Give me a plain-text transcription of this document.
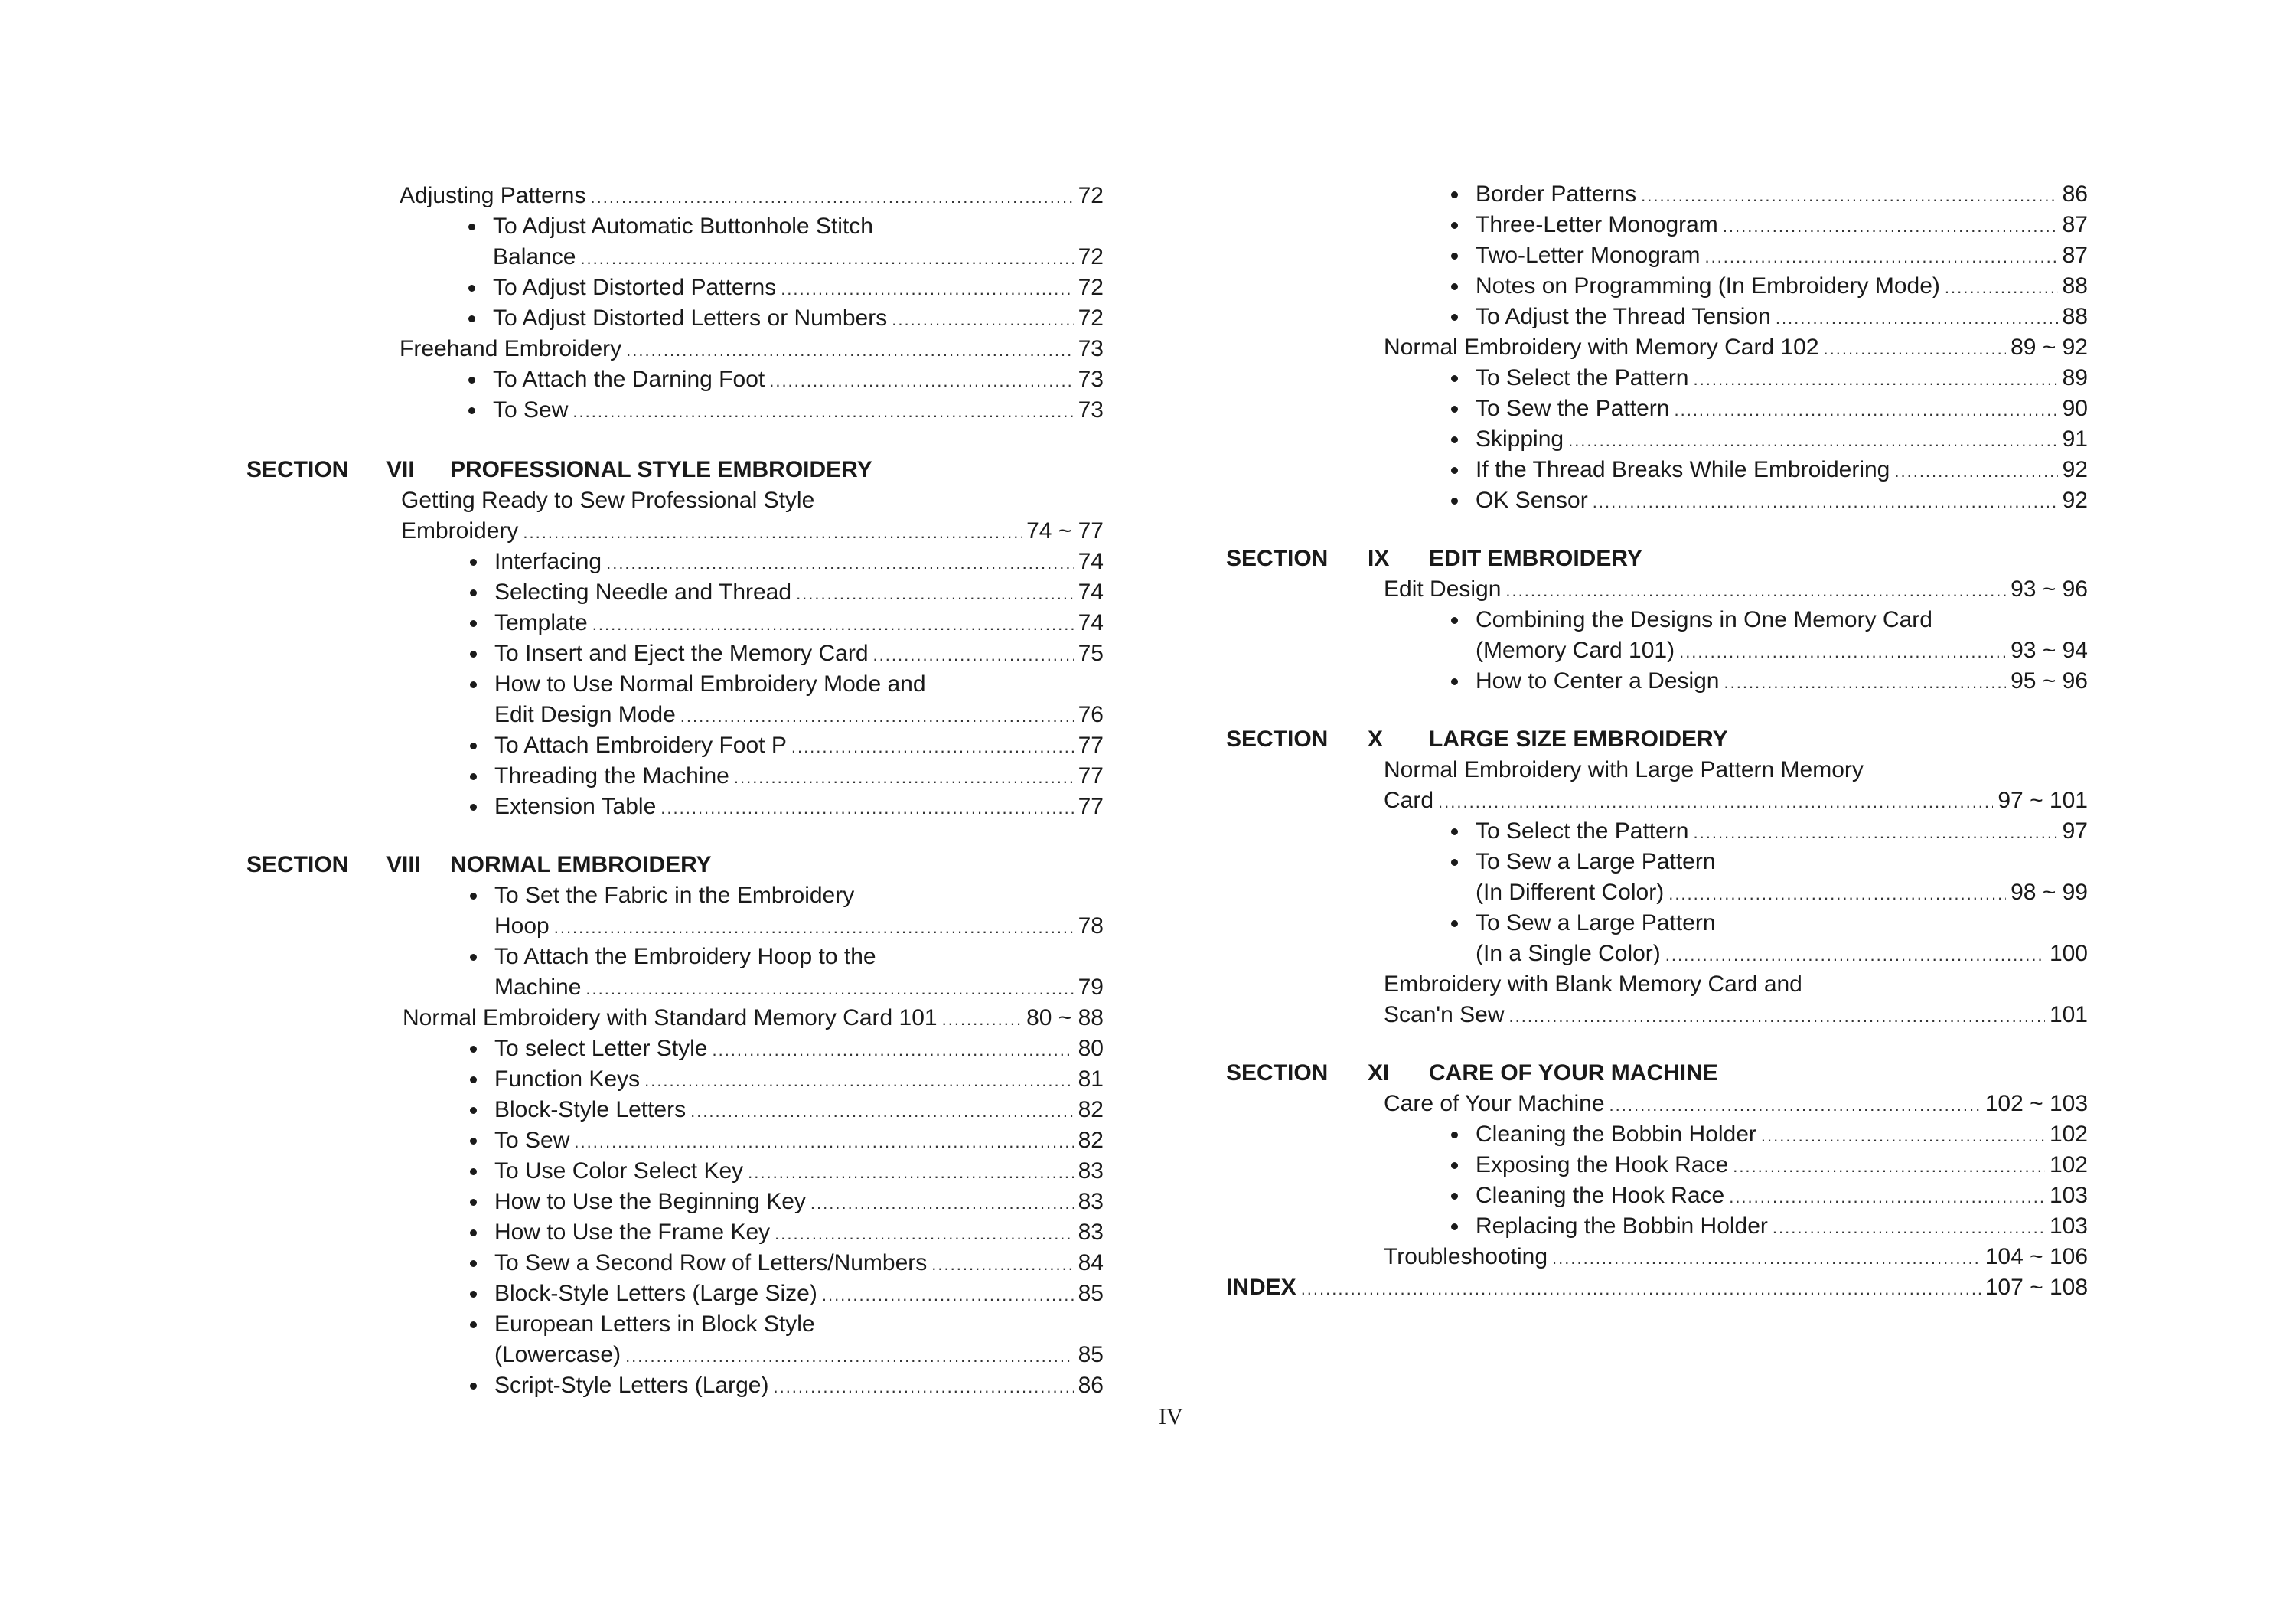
Adjusting Patterns .....	72
To Adjust Automatic Buttonhole Stitch
Balance .....	72
To Adjust Distorted Patterns .....	72
To Adjust Distorted Letters or Numbers .....	72
Freehand Embroidery .....	73
To Attach the Darning Foot .....	73
To Sew .....	73
SECTION VII PROFESSIONAL STYLE EMBROIDERY
Getting Ready to Sew Professional Style
Embroidery .....	74 ~ 77
Interfacing .....	74
Selecting Needle and Thread .....	74
Template .....	74
To Insert and Eject the Memory Card .....	75
How to Use Normal Embroidery Mode and
Edit Design Mode .....	76
To Attach Embroidery Foot P .....	77
Threading the Machine .....	77
Extension Table .....	77
SECTION VIII NORMAL EMBROIDERY
To Set the Fabric in the Embroidery
Hoop .....	78
To Attach the Embroidery Hoop to the
Machine .....	79
Normal Embroidery with Standard Memory Card 101 .....	80 ~ 88
To select Letter Style .....	80
Function Keys .....	81
Block-Style Letters .....	82
To Sew .....	82
To Use Color Select Key .....	83
How to Use the Beginning Key .....	83
How to Use the Frame Key .....	83
To Sew a Second Row of Letters/Numbers .....	84
Block-Style Letters (Large Size) .....	85
European Letters in Block Style
(Lowercase) .....	85
Script-Style Letters (Large) .....	86
Border Patterns .....	86
Three-Letter Monogram .....	87
Two-Letter Monogram .....	87
Notes on Programming (In Embroidery Mode) .....	88
To Adjust the Thread Tension .....	88
Normal Embroidery with Memory Card 102 .....	89 ~ 92
To Select the Pattern .....	89
To Sew the Pattern .....	90
Skipping .....	91
If the Thread Breaks While Embroidering .....	92
OK Sensor .....	92
SECTION IX EDIT EMBROIDERY
Edit Design .....	93 ~ 96
Combining the Designs in One Memory Card
(Memory Card 101) .....	93 ~ 94
How to Center a Design .....	95 ~ 96
SECTION X LARGE SIZE EMBROIDERY
Normal Embroidery with Large Pattern Memory
Card .....	97 ~ 101
To Select the Pattern .....	97
To Sew a Large Pattern
(In Different Color) .....	98 ~ 99
To Sew a Large Pattern
(In a Single Color) .....	100
Embroidery with Blank Memory Card and
Scan'n Sew .....	101
SECTION XI CARE OF YOUR MACHINE
Care of Your Machine .....	102 ~ 103
Cleaning the Bobbin Holder .....	102
Exposing the Hook Race .....	102
Cleaning the Hook Race .....	103
Replacing the Bobbin Holder .....	103
Troubleshooting .....	104 ~ 106
INDEX .....	107 ~ 108
IV
